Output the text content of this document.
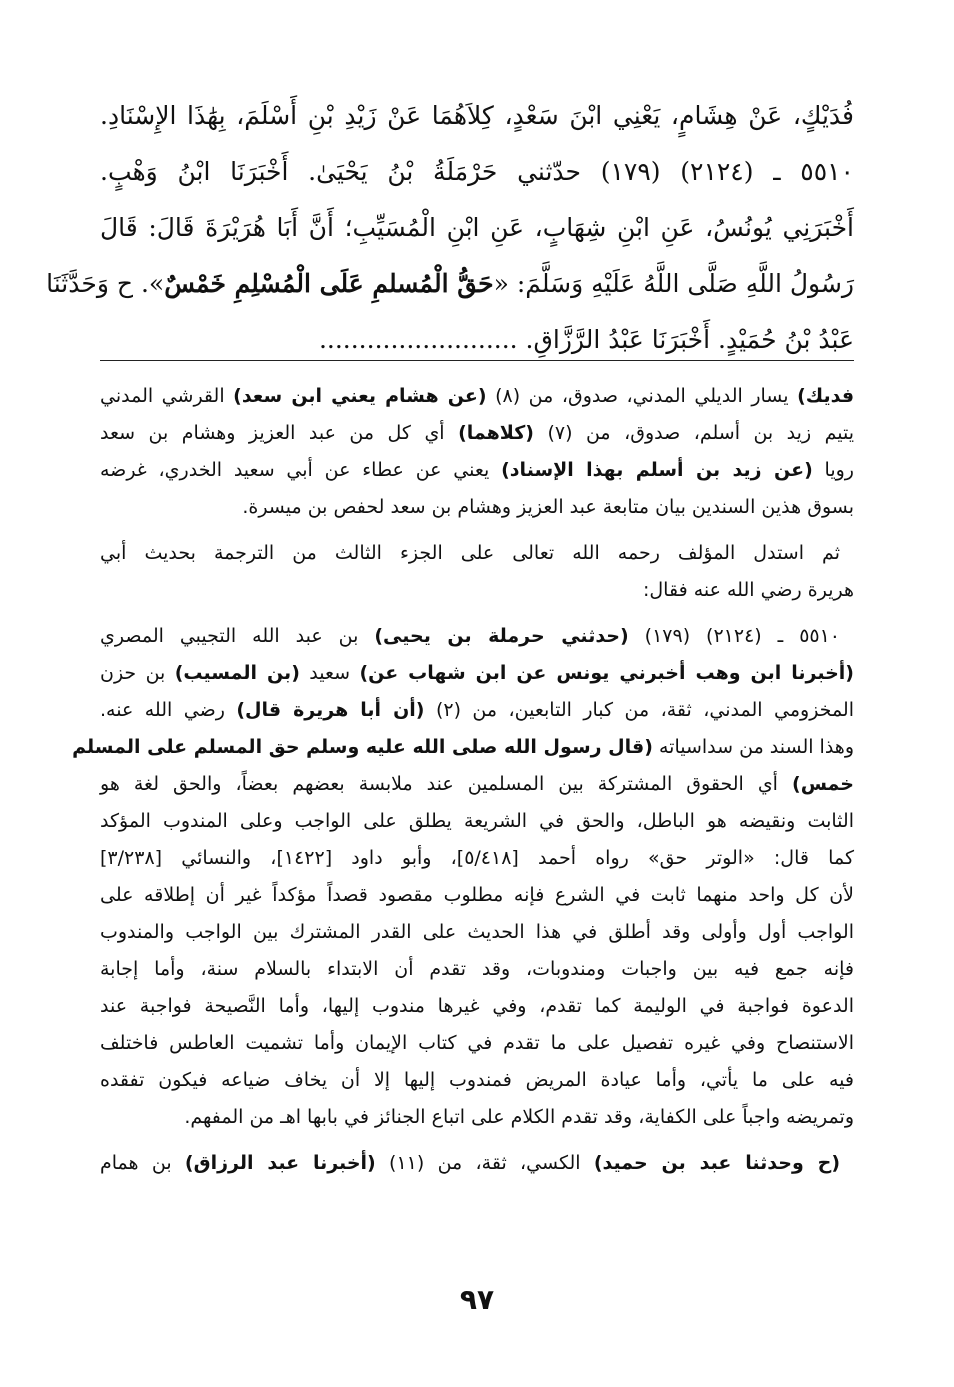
فُدَيْكٍ، عَنْ هِشَامٍ، يَعْنِي ابْنَ سَعْدٍ، كِلاَهُمَا عَنْ زَيْدِ بْنِ أَسْلَمَ، بِهَٰذَا الإِسْنَادِ.
٥٥١٠ ـ (٢١٢٤) (١٧٩) حدّثني حَرْمَلَةُ بْنُ يَحْيَىٰ. أَخْبَرَنَا ابْنُ وَهْبٍ.
أَخْبَرَنِي يُونُسُ، عَنِ ابْنِ شِهَابٍ، عَنِ ابْنِ الْمُسَيِّبِ؛ أَنَّ أَبَا هُرَيْرَةَ قَالَ: قَالَ
رَسُولُ اللَّهِ صَلَّى اللَّهُ عَلَيْهِ وَسَلَّمَ: «حَقُّ الْمُسلمِ عَلَى الْمُسْلِمِ خَمْسٌ». ح وَحَدَّثَنَا
عَبْدُ بْنُ حُمَيْدٍ. أَخْبَرَنَا عَبْدُ الرَّزَّاقِ. .........................

فديك) يسار الديلي المدني، صدوق، من (٨) (عن هشام يعني ابن سعد) القرشي المدني
يتيم زيد بن أسلم، صدوق، من (٧) (كلاهما) أي كل من عبد العزيز وهشام بن سعد
رويا (عن زيد بن أسلم بهذا الإسناد) يعني عن عطاء عن أبي سعيد الخدري، غرضه
بسوق هذين السندين بيان متابعة عبد العزيز وهشام بن سعد لحفص بن ميسرة.

ثم استدل المؤلف رحمه الله تعالى على الجزء الثالث من الترجمة بحديث أبي
هريرة رضي الله عنه فقال:

٥٥١٠ ـ (٢١٢٤) (١٧٩) (حدثني حرملة بن يحيى) بن عبد الله التجيبي المصري
(أخبرنا ابن وهب أخبرني يونس عن ابن شهاب عن) سعيد (بن المسيب) بن حزن
المخزومي المدني، ثقة، من كبار التابعين، من (٢) (أن أبا هريرة قال) رضي الله عنه.
وهذا السند من سداسياته (قال رسول الله صلى الله عليه وسلم حق المسلم على المسلم
خمس) أي الحقوق المشتركة بين المسلمين عند ملابسة بعضهم بعضاً، والحق لغة هو
الثابت ونقيضه هو الباطل، والحق في الشريعة يطلق على الواجب وعلى المندوب المؤكد
كما قال: «الوتر حق» رواه أحمد [٥/٤١٨]، وأبو داود [١٤٢٢]، والنسائي [٣/٢٣٨]
لأن كل واحد منهما ثابت في الشرع فإنه مطلوب مقصود قصداً مؤكداً غير أن إطلاقه على
الواجب أول وأولى وقد أطلق في هذا الحديث على القدر المشترك بين الواجب والمندوب
فإنه جمع فيه بين واجبات ومندوبات، وقد تقدم أن الابتداء بالسلام سنة، وأما إجابة
الدعوة فواجبة في الوليمة كما تقدم، وفي غيرها مندوب إليها، وأما النَّصيحة فواجبة عند
الاستنصاح وفي غيره تفصيل على ما تقدم في كتاب الإيمان وأما تشميت العاطس فاختلف
فيه على ما يأتي، وأما عيادة المريض فمندوب إليها إلا أن يخاف ضياعه فيكون تفقده
وتمريضه واجباً على الكفاية، وقد تقدم الكلام على اتباع الجنائز في بابها اهـ من المفهم.

(ح وحدثنا عبد بن حميد) الكسي، ثقة، من (١١) (أخبرنا عبد الرزاق) بن همام

٩٧
